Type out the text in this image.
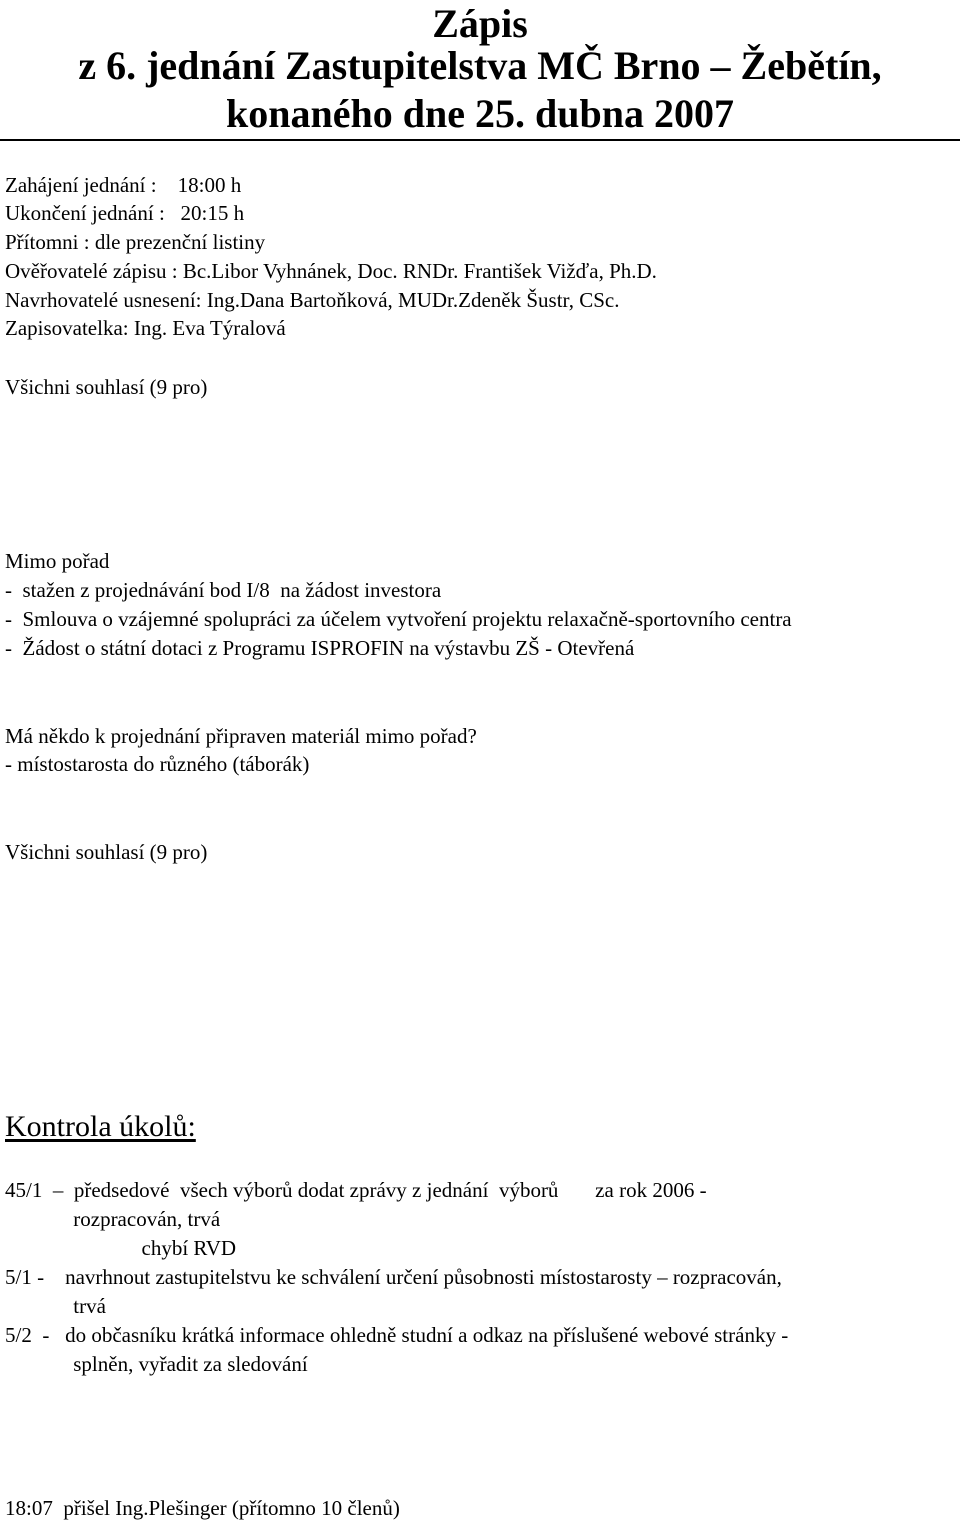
Zápis
z 6. jednání Zastupitelstva MČ Brno – Žebětín,
konaného dne 25. dubna 2007
Zahájení jednání :    18:00 h
Ukončení jednání :   20:15 h
Přítomni : dle prezenční listiny
Ověřovatelé zápisu : Bc.Libor Vyhnánek, Doc. RNDr. František Vižďa, Ph.D.
Navrhovatelé usnesení: Ing.Dana Bartoňková, MUDr.Zdeněk Šustr, CSc.
Zapisovatelka: Ing. Eva Týralová
Všichni souhlasí (9 pro)
Mimo pořad
-  stažen z projednávání bod I/8  na žádost investora
-  Smlouva o vzájemné spolupráci za účelem vytvoření projektu relaxačně-sportovního centra
-  Žádost o státní dotaci z Programu ISPROFIN na výstavbu ZŠ - Otevřená
Má někdo k projednání připraven materiál mimo pořad?
- místostarosta do různého (táborák)
Všichni souhlasí (9 pro)
Kontrola úkolů:
45/1  –  předsedové  všech výborů dodat zprávy z jednání  výborů       za rok 2006 -
rozpracován, trvá
chybí RVD
5/1 -    navrhnout zastupitelstvu ke schválení určení působnosti místostarosty – rozpracován,
trvá
5/2  -   do občasníku krátká informace ohledně studní a odkaz na příslušené webové stránky -
splněn, vyřadit za sledování
18:07  přišel Ing.Plešinger (přítomno 10 členů)
